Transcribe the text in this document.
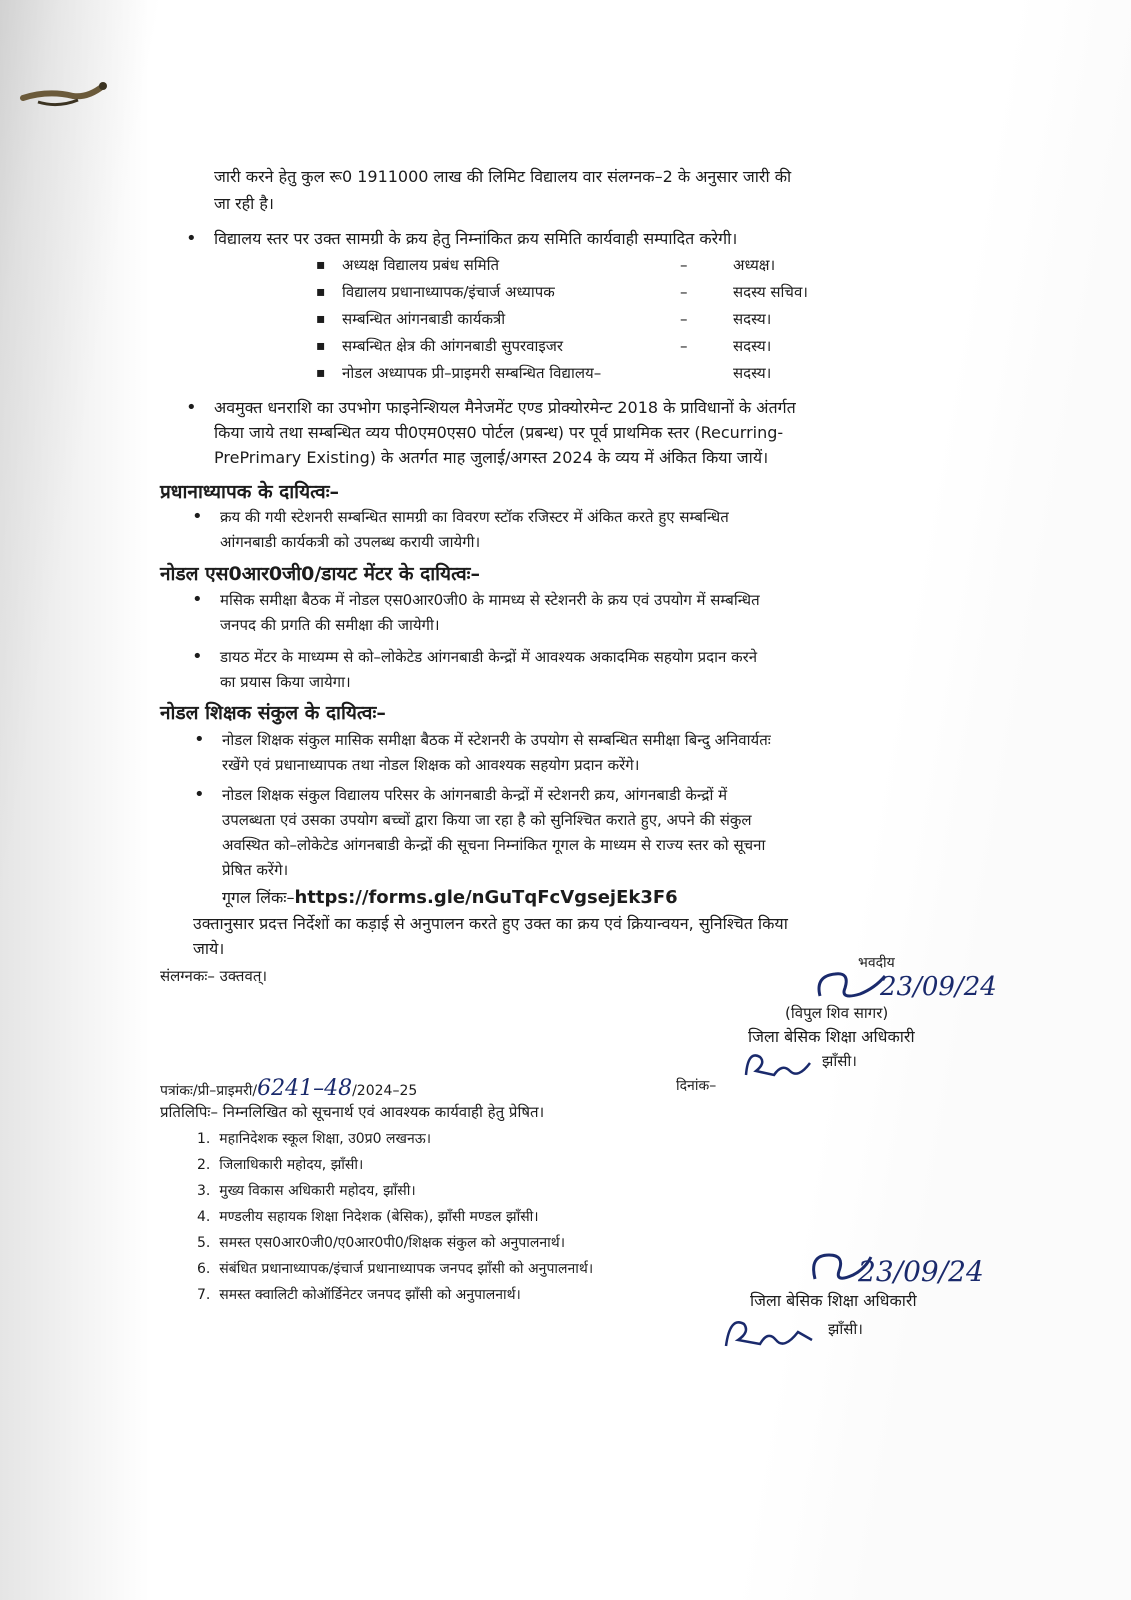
जारी करने हेतु कुल रू0 1911000 लाख की लिमिट विद्यालय वार संलग्नक–2 के अनुसार जारी की
जा रही है।
• विद्यालय स्तर पर उक्त सामग्री के क्रय हेतु निम्नांकित क्रय समिति कार्यवाही सम्पादित करेगी।
▪ अध्यक्ष विद्यालय प्रबंध समिति	–	अध्यक्ष।
▪ विद्यालय प्रधानाध्यापक/इंचार्ज अध्यापक	–	सदस्य सचिव।
▪ सम्बन्धित आंगनबाडी कार्यकत्री	–	सदस्य।
▪ सम्बन्धित क्षेत्र की आंगनबाडी सुपरवाइजर	–	सदस्य।
▪ नोडल अध्यापक प्री–प्राइमरी सम्बन्धित विद्यालय–	सदस्य।
• अवमुक्त धनराशि का उपभोग फाइनेन्शियल मैनेजमेंट एण्ड प्रोक्योरमेन्ट 2018 के प्राविधानों के अंतर्गत
किया जाये तथा सम्बन्धित व्यय पी0एम0एस0 पोर्टल (प्रबन्ध) पर पूर्व प्राथमिक स्तर (Recurring-
PrePrimary Existing) के अतर्गत माह जुलाई/अगस्त 2024 के व्यय में अंकित किया जायें।
प्रधानाध्यापक के दायित्वः–
• क्रय की गयी स्टेशनरी सम्बन्धित सामग्री का विवरण स्टॉक रजिस्टर में अंकित करते हुए सम्बन्धित
आंगनबाडी कार्यकत्री को उपलब्ध करायी जायेगी।
नोडल एस0आर0जी0/डायट मेंटर के दायित्वः–
• मसिक समीक्षा बैठक में नोडल एस0आर0जी0 के मामध्य से स्टेशनरी के क्रय एवं उपयोग में सम्बन्धित
जनपद की प्रगति की समीक्षा की जायेगी।
• डायठ मेंटर के माध्यम्म से को–लोकेटेड आंगनबाडी केन्द्रों में आवश्यक अकादमिक सहयोग प्रदान करने
का प्रयास किया जायेगा।
नोडल शिक्षक संकुल के दायित्वः–
• नोडल शिक्षक संकुल मासिक समीक्षा बैठक में स्टेशनरी के उपयोग से सम्बन्धित समीक्षा बिन्दु अनिवार्यतः
रखेंगे एवं प्रधानाध्यापक तथा नोडल शिक्षक को आवश्यक सहयोग प्रदान करेंगे।
• नोडल शिक्षक संकुल विद्यालय परिसर के आंगनबाडी केन्द्रों में स्टेशनरी क्रय, आंगनबाडी केन्द्रों में
उपलब्धता एवं उसका उपयोग बच्चों द्वारा किया जा रहा है को सुनिश्चित कराते हुए, अपने की संकुल
अवस्थित को–लोकेटेड आंगनबाडी केन्द्रों की सूचना निम्नांकित गूगल के माध्यम से राज्य स्तर को सूचना
प्रेषित करेंगे।
गूगल लिंकः–https://forms.gle/nGuTqFcVgsejEk3F6
उक्तानुसार प्रदत्त निर्देशों का कड़ाई से अनुपालन करते हुए उक्त का क्रय एवं क्रियान्वयन, सुनिश्चित किया
जाये।
संलग्नकः– उक्तवत्।
भवदीय
23/09/24
(विपुल शिव सागर)
जिला बेसिक शिक्षा अधिकारी
झाँसी।
पत्रांकः/प्री–प्राइमरी/6241–48/2024–25	दिनांक–
प्रतिलिपिः– निम्नलिखित को सूचनार्थ एवं आवश्यक कार्यवाही हेतु प्रेषित।
1. महानिदेशक स्कूल शिक्षा, उ0प्र0 लखनऊ।
2. जिलाधिकारी महोदय, झाँसी।
3. मुख्य विकास अधिकारी महोदय, झाँसी।
4. मण्डलीय सहायक शिक्षा निदेशक (बेसिक), झाँसी मण्डल झाँसी।
5. समस्त एस0आर0जी0/ए0आर0पी0/शिक्षक संकुल को अनुपालनार्थ।
6. संबंधित प्रधानाध्यापक/इंचार्ज प्रधानाध्यापक जनपद झाँसी को अनुपालनार्थ।
7. समस्त क्वालिटी कोऑर्डिनेटर जनपद झाँसी को अनुपालनार्थ।
23/09/24
जिला बेसिक शिक्षा अधिकारी
झाँसी।
